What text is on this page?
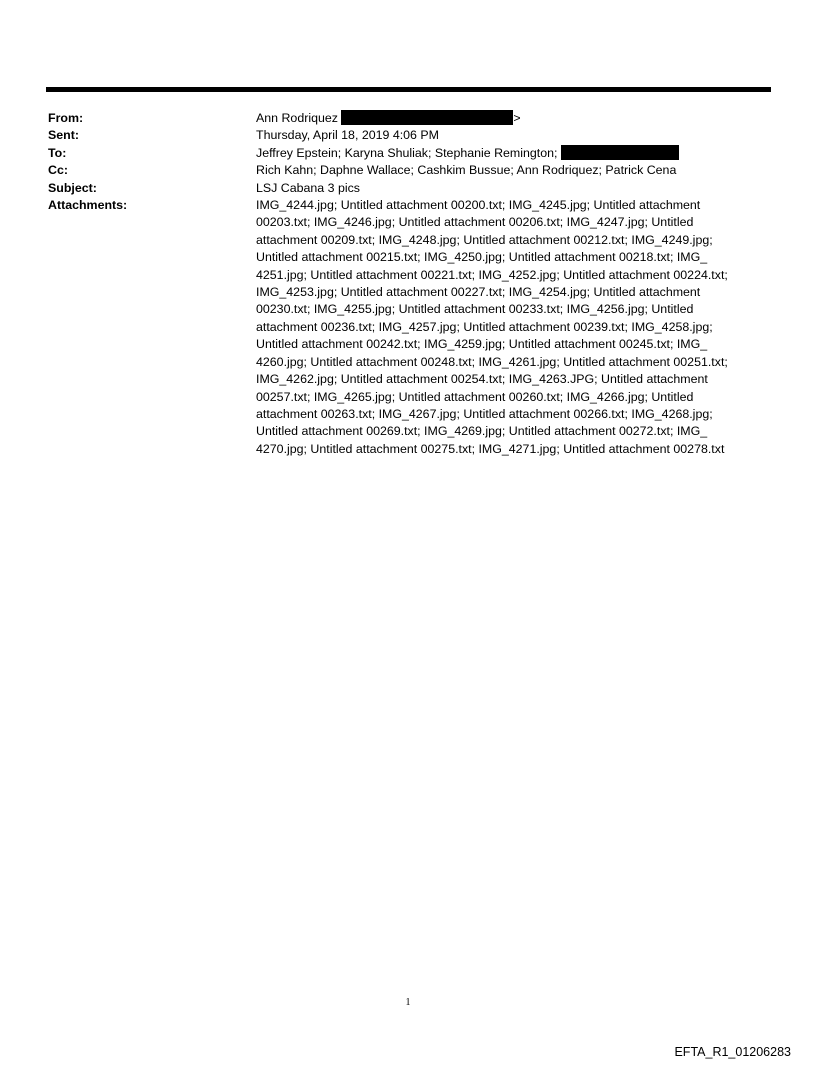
From:	Ann Rodriquez	>
Sent:	Thursday, April 18, 2019 4:06 PM
To:	Jeffrey Epstein; Karyna Shuliak; Stephanie Remington;
Cc:	Rich Kahn; Daphne Wallace; Cashkim Bussue; Ann Rodriquez; Patrick Cena
Subject:	LSJ Cabana 3 pics
Attachments:	IMG_4244.jpg; Untitled attachment 00200.txt; IMG_4245.jpg; Untitled attachment
00203.txt; IMG_4246.jpg; Untitled attachment 00206.txt; IMG_4247.jpg; Untitled
attachment 00209.txt; IMG_4248.jpg; Untitled attachment 00212.txt; IMG_4249.jpg;
Untitled attachment 00215.txt; IMG_4250.jpg; Untitled attachment 00218.txt; IMG_
4251.jpg; Untitled attachment 00221.txt; IMG_4252.jpg; Untitled attachment 00224.txt;
IMG_4253.jpg; Untitled attachment 00227.txt; IMG_4254.jpg; Untitled attachment
00230.txt; IMG_4255.jpg; Untitled attachment 00233.txt; IMG_4256.jpg; Untitled
attachment 00236.txt; IMG_4257.jpg; Untitled attachment 00239.txt; IMG_4258.jpg;
Untitled attachment 00242.txt; IMG_4259.jpg; Untitled attachment 00245.txt; IMG_
4260.jpg; Untitled attachment 00248.txt; IMG_4261.jpg; Untitled attachment 00251.txt;
IMG_4262.jpg; Untitled attachment 00254.txt; IMG_4263.JPG; Untitled attachment
00257.txt; IMG_4265.jpg; Untitled attachment 00260.txt; IMG_4266.jpg; Untitled
attachment 00263.txt; IMG_4267.jpg; Untitled attachment 00266.txt; IMG_4268.jpg;
Untitled attachment 00269.txt; IMG_4269.jpg; Untitled attachment 00272.txt; IMG_
4270.jpg; Untitled attachment 00275.txt; IMG_4271.jpg; Untitled attachment 00278.txt
1
EFTA_R1_01206283
